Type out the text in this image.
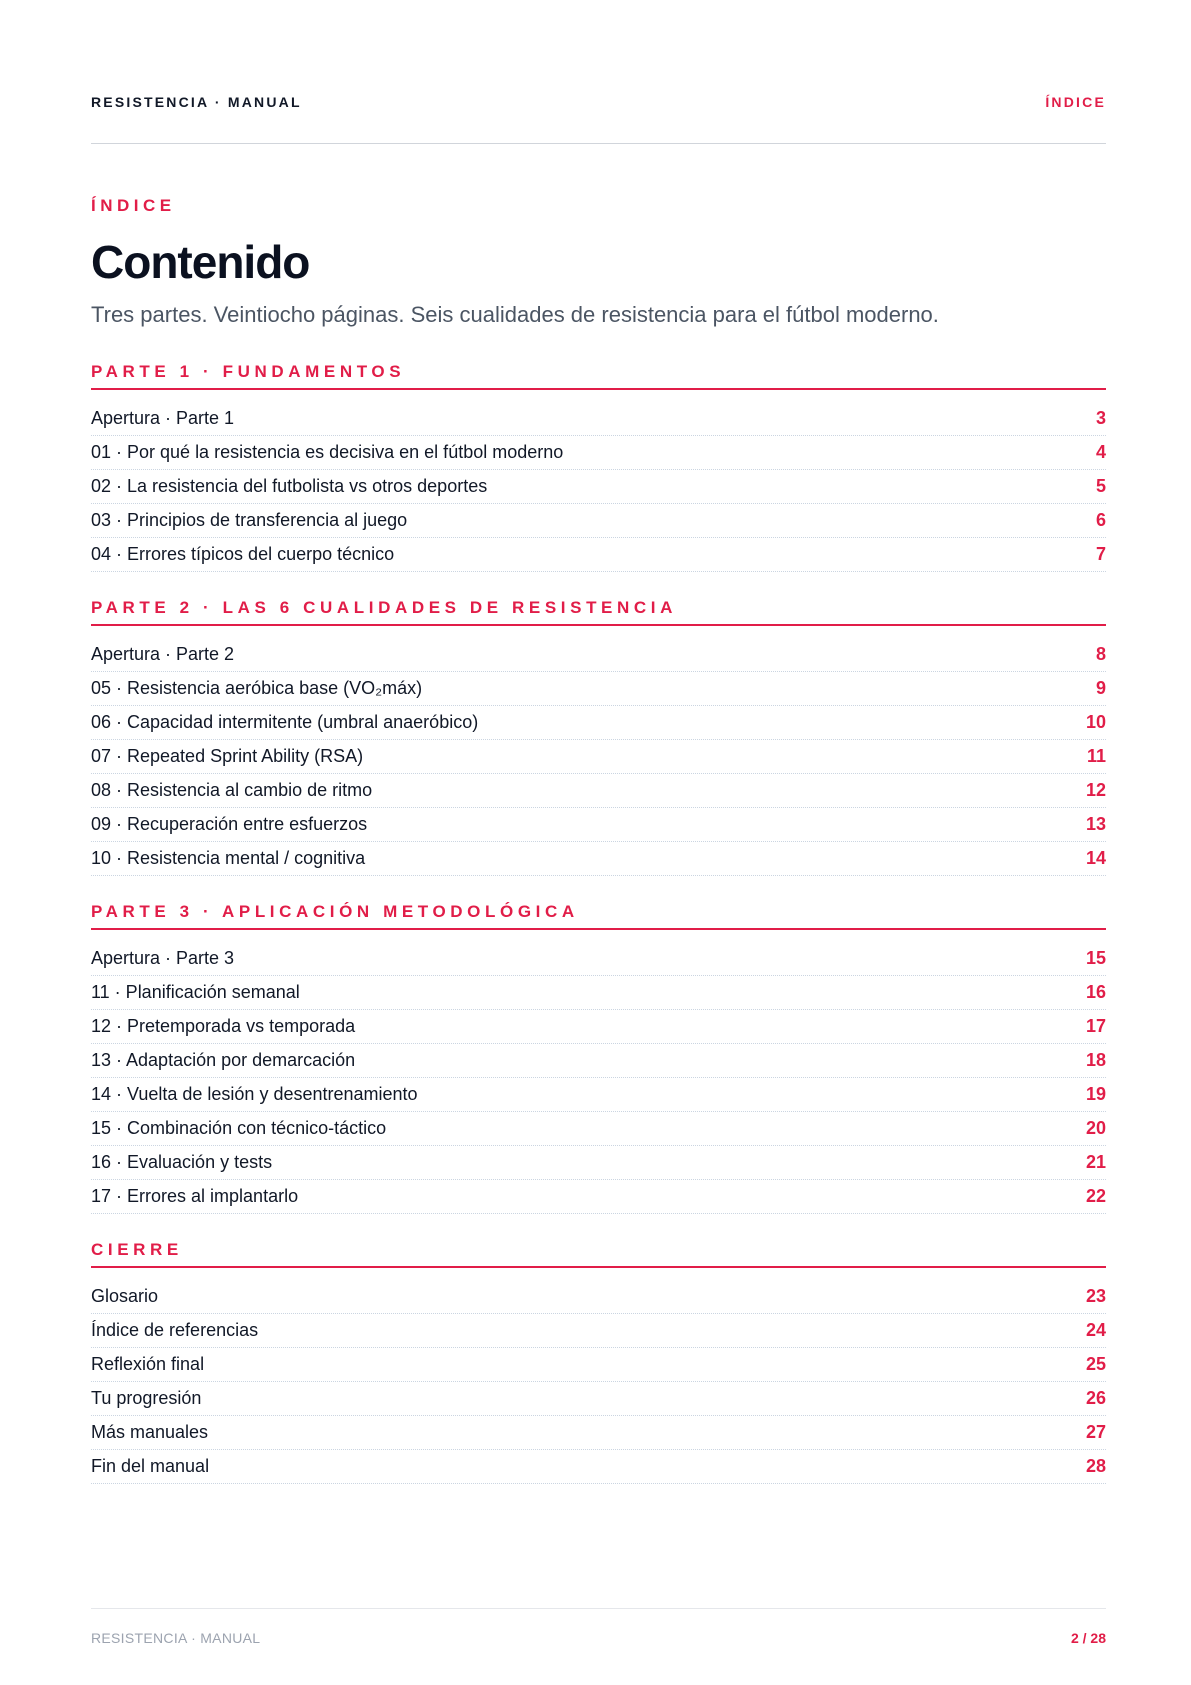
RESISTENCIA · MANUAL	ÍNDICE
ÍNDICE
Contenido
Tres partes. Veintiocho páginas. Seis cualidades de resistencia para el fútbol moderno.
PARTE 1 · FUNDAMENTOS
Apertura · Parte 1	3
01 · Por qué la resistencia es decisiva en el fútbol moderno	4
02 · La resistencia del futbolista vs otros deportes	5
03 · Principios de transferencia al juego	6
04 · Errores típicos del cuerpo técnico	7
PARTE 2 · LAS 6 CUALIDADES DE RESISTENCIA
Apertura · Parte 2	8
05 · Resistencia aeróbica base (VO₂máx)	9
06 · Capacidad intermitente (umbral anaeróbico)	10
07 · Repeated Sprint Ability (RSA)	11
08 · Resistencia al cambio de ritmo	12
09 · Recuperación entre esfuerzos	13
10 · Resistencia mental / cognitiva	14
PARTE 3 · APLICACIÓN METODOLÓGICA
Apertura · Parte 3	15
11 · Planificación semanal	16
12 · Pretemporada vs temporada	17
13 · Adaptación por demarcación	18
14 · Vuelta de lesión y desentrenamiento	19
15 · Combinación con técnico-táctico	20
16 · Evaluación y tests	21
17 · Errores al implantarlo	22
CIERRE
Glosario	23
Índice de referencias	24
Reflexión final	25
Tu progresión	26
Más manuales	27
Fin del manual	28
RESISTENCIA · MANUAL	2 / 28
